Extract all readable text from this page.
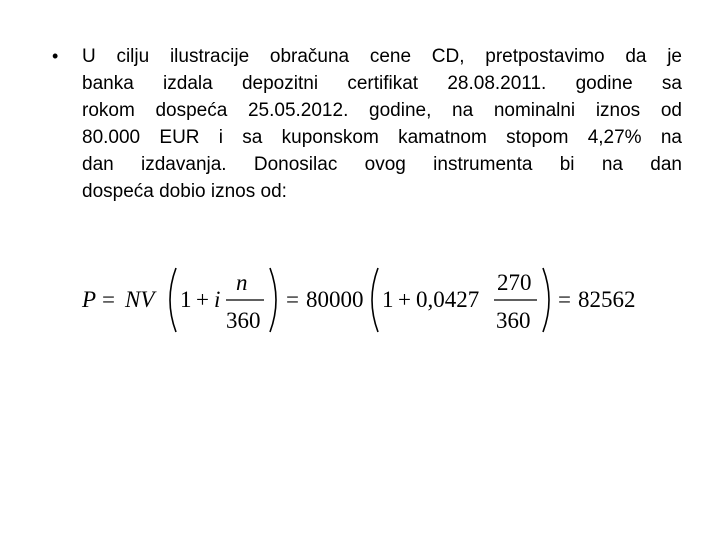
• U cilju ilustracije obračuna cene CD, pretpostavimo da je
banka izdala depozitni certifikat 28.08.2011. godine sa
rokom dospeća 25.05.2012. godine, na nominalni iznos od
80.000 EUR i sa kuponskom kamatnom stopom 4,27% na
dan izdavanja. Donosilac ovog instrumenta bi na dan
dospeća dobio iznos od:
P = NV 1 + i
n
360
= 80000 1 + 0,0427
270
360
= 82562
